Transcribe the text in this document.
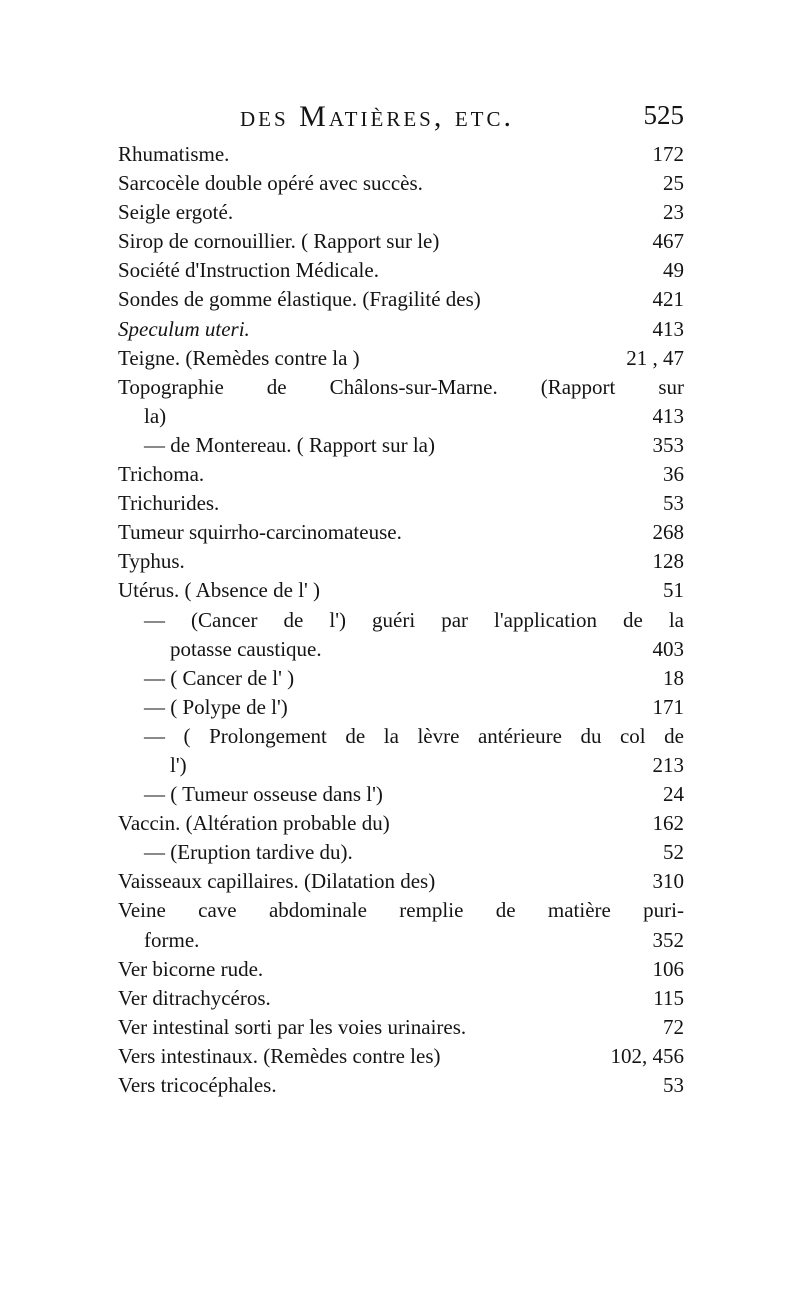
des Matières, etc.	525
Rhumatisme.	172
Sarcocèle double opéré avec succès.	25
Seigle ergoté.	23
Sirop de cornouillier. ( Rapport sur le)	467
Société d'Instruction Médicale.	49
Sondes de gomme élastique. (Fragilité des)	421
Speculum uteri.	413
Teigne. (Remèdes contre la )	21 , 47
Topographie de Châlons-sur-Marne. (Rapport sur
la)	413
— de Montereau. ( Rapport sur la)	353
Trichoma.	36
Trichurides.	53
Tumeur squirrho-carcinomateuse.	268
Typhus.	128
Utérus. ( Absence de l' )	51
— (Cancer de l') guéri par l'application de la
potasse caustique.	403
— ( Cancer de l' )	18
— ( Polype de l')	171
— ( Prolongement de la lèvre antérieure du col de
l')	213
— ( Tumeur osseuse dans l')	24
Vaccin. (Altération probable du)	162
— (Eruption tardive du).	52
Vaisseaux capillaires. (Dilatation des)	310
Veine cave abdominale remplie de matière puri-
forme.	352
Ver bicorne rude.	106
Ver ditrachycéros.	115
Ver intestinal sorti par les voies urinaires.	72
Vers intestinaux. (Remèdes contre les)	102, 456
Vers tricocéphales.	53
